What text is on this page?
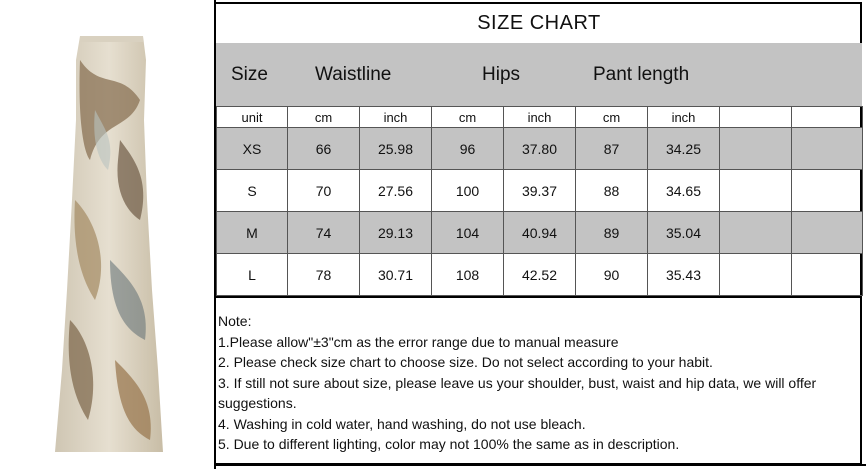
SIZE CHART
Size Waistline	Hips	Pant length
unit	cm	inch	cm	inch	cm	inch		
XS	66	25.98	96	37.80	87	34.25		
S	70	27.56	100	39.37	88	34.65		
M	74	29.13	104	40.94	89	35.04		
L	78	30.71	108	42.52	90	35.43		
Note:
1.Please allow"±3"cm as the error range due to manual measure
2. Please check size chart to choose size. Do not select according to your habit.
3. If still not sure about size, please leave us your shoulder, bust, waist and hip data, we will offer suggestions.
4. Washing in cold water, hand washing, do not use bleach.
5. Due to different lighting, color may not 100% the same as in description.
